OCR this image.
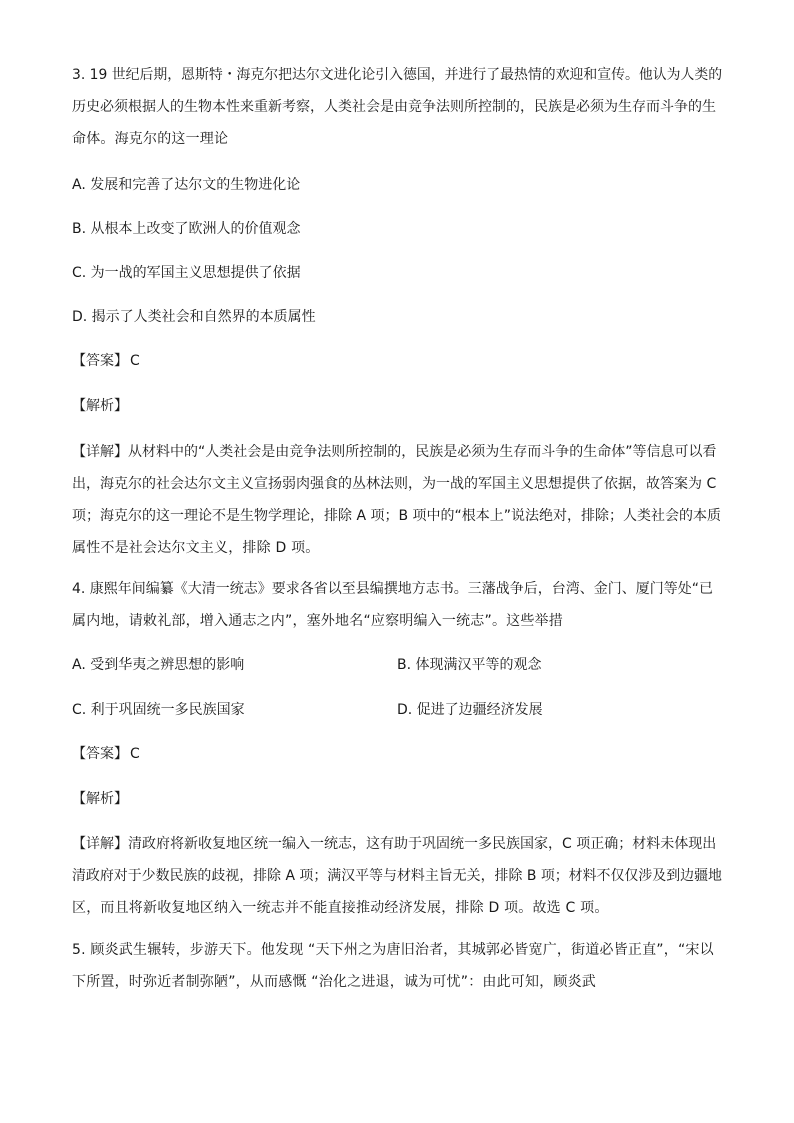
3. 19 世纪后期，恩斯特・海克尔把达尔文进化论引入德国，并进行了最热情的欢迎和宣传。他认为人类的
历史必须根据人的生物本性来重新考察，人类社会是由竞争法则所控制的，民族是必须为生存而斗争的生
命体。海克尔的这一理论
A. 发展和完善了达尔文的生物进化论
B. 从根本上改变了欧洲人的价值观念
C. 为一战的军国主义思想提供了依据
D. 揭示了人类社会和自然界的本质属性
【答案】 C
【解析】
【详解】从材料中的“人类社会是由竞争法则所控制的，民族是必须为生存而斗争的生命体”等信息可以看
出，海克尔的社会达尔文主义宣扬弱肉强食的丛林法则，为一战的军国主义思想提供了依据，故答案为 C
项；海克尔的这一理论不是生物学理论，排除 A 项；B 项中的“根本上”说法绝对，排除；人类社会的本质
属性不是社会达尔文主义，排除 D 项。
4. 康熙年间编纂《大清一统志》要求各省以至县编撰地方志书。三藩战争后，台湾、金门、厦门等处“已
属内地，请敕礼部，增入通志之内”，塞外地名“应察明编入一统志”。这些举措
A. 受到华夷之辨思想的影响	B. 体现满汉平等的观念
C. 利于巩固统一多民族国家	D. 促进了边疆经济发展
【答案】 C
【解析】
【详解】清政府将新收复地区统一编入一统志，这有助于巩固统一多民族国家，C 项正确；材料未体现出
清政府对于少数民族的歧视，排除 A 项；满汉平等与材料主旨无关，排除 B 项；材料不仅仅涉及到边疆地
区，而且将新收复地区纳入一统志并不能直接推动经济发展，排除 D 项。故选 C 项。
5. 顾炎武生辗转，步游天下。他发现 “天下州之为唐旧治者，其城郭必皆宽广，街道必皆正直”，“宋以
下所置，时弥近者制弥陋”，从而感慨 “治化之进退，诚为可忧”：由此可知，顾炎武
